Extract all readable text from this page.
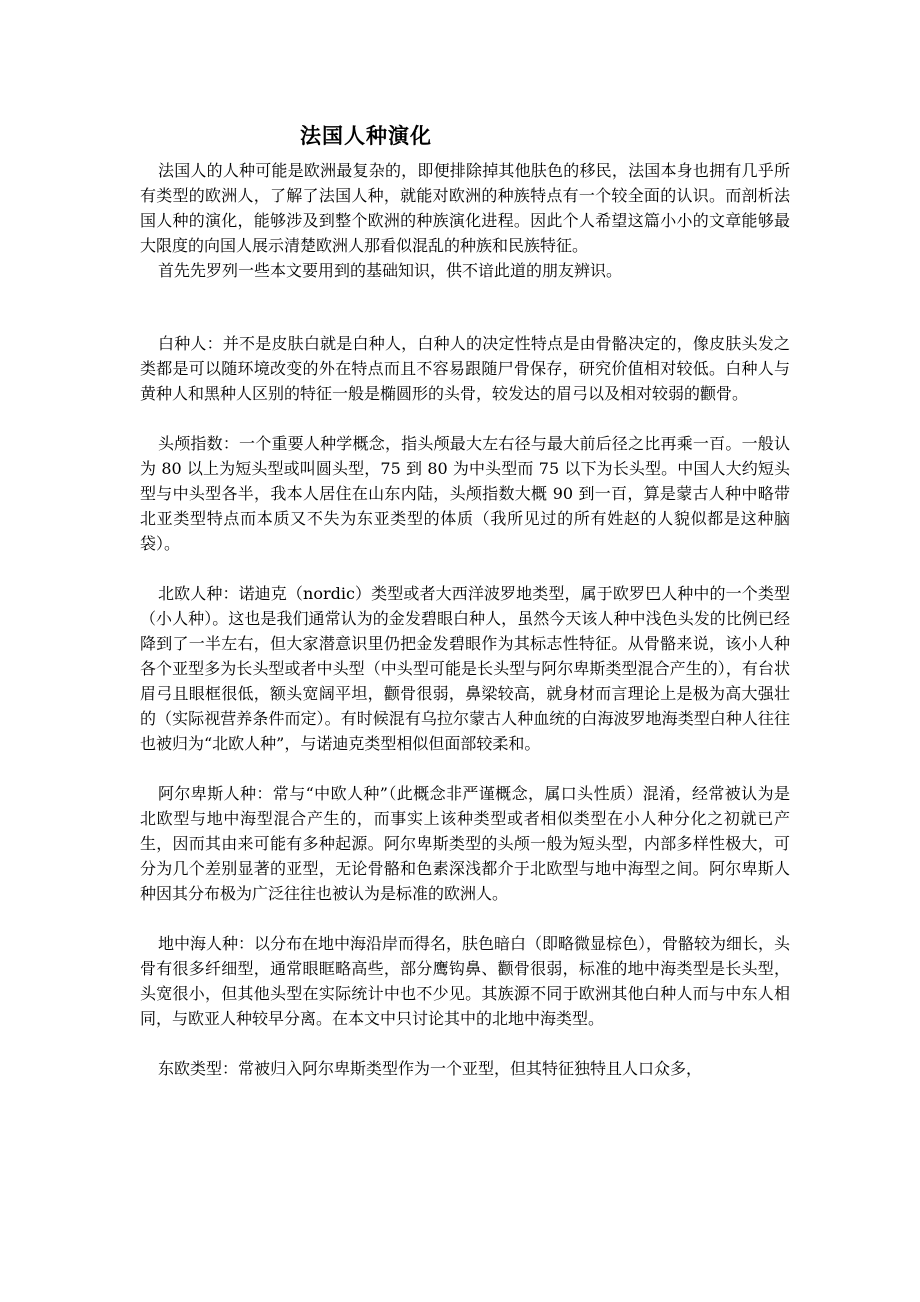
法国人种演化

法国人的人种可能是欧洲最复杂的，即便排除掉其他肤色的移民，法国本身也拥有几乎所有类型的欧洲人，了解了法国人种，就能对欧洲的种族特点有一个较全面的认识。而剖析法国人种的演化，能够涉及到整个欧洲的种族演化进程。因此个人希望这篇小小的文章能够最大限度的向国人展示清楚欧洲人那看似混乱的种族和民族特征。

首先先罗列一些本文要用到的基础知识，供不谙此道的朋友辨识。

白种人：并不是皮肤白就是白种人，白种人的决定性特点是由骨骼决定的，像皮肤头发之类都是可以随环境改变的外在特点而且不容易跟随尸骨保存，研究价值相对较低。白种人与黄种人和黑种人区别的特征一般是椭圆形的头骨，较发达的眉弓以及相对较弱的颧骨。

头颅指数：一个重要人种学概念，指头颅最大左右径与最大前后径之比再乘一百。一般认为 80 以上为短头型或叫圆头型，75 到 80 为中头型而 75 以下为长头型。中国人大约短头型与中头型各半，我本人居住在山东内陆，头颅指数大概 90 到一百，算是蒙古人种中略带北亚类型特点而本质又不失为东亚类型的体质（我所见过的所有姓赵的人貌似都是这种脑袋）。

北欧人种：诺迪克（nordic）类型或者大西洋波罗地类型，属于欧罗巴人种中的一个类型（小人种）。这也是我们通常认为的金发碧眼白种人，虽然今天该人种中浅色头发的比例已经降到了一半左右，但大家潜意识里仍把金发碧眼作为其标志性特征。从骨骼来说，该小人种各个亚型多为长头型或者中头型（中头型可能是长头型与阿尔卑斯类型混合产生的），有台状眉弓且眼框很低，额头宽阔平坦，颧骨很弱，鼻梁较高，就身材而言理论上是极为高大强壮的（实际视营养条件而定）。有时候混有乌拉尔蒙古人种血统的白海波罗地海类型白种人往往也被归为“北欧人种”，与诺迪克类型相似但面部较柔和。

阿尔卑斯人种：常与“中欧人种”（此概念非严谨概念，属口头性质）混淆，经常被认为是北欧型与地中海型混合产生的，而事实上该种类型或者相似类型在小人种分化之初就已产生，因而其由来可能有多种起源。阿尔卑斯类型的头颅一般为短头型，内部多样性极大，可分为几个差别显著的亚型，无论骨骼和色素深浅都介于北欧型与地中海型之间。阿尔卑斯人种因其分布极为广泛往往也被认为是标准的欧洲人。

地中海人种：以分布在地中海沿岸而得名，肤色暗白（即略微显棕色），骨骼较为细长，头骨有很多纤细型，通常眼眶略高些，部分鹰钩鼻、颧骨很弱，标准的地中海类型是长头型，头宽很小，但其他头型在实际统计中也不少见。其族源不同于欧洲其他白种人而与中东人相同，与欧亚人种较早分离。在本文中只讨论其中的北地中海类型。

东欧类型：常被归入阿尔卑斯类型作为一个亚型，但其特征独特且人口众多，
